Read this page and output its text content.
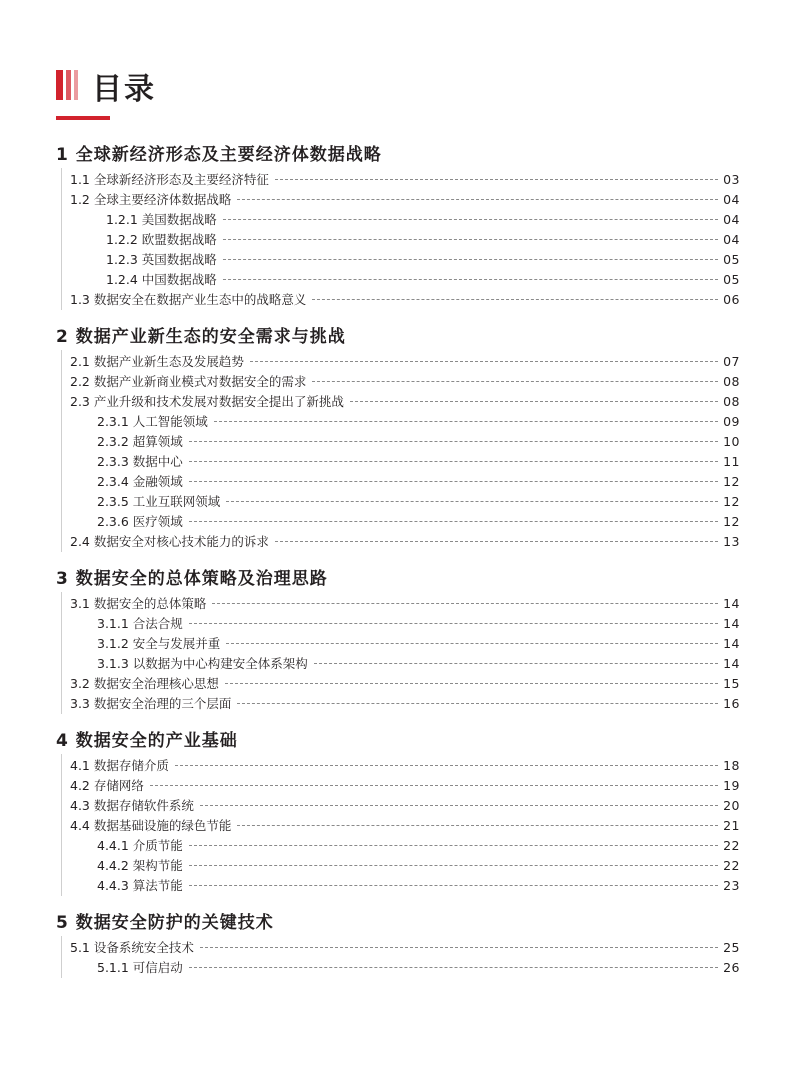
目录
1 全球新经济形态及主要经济体数据战略
1.1 全球新经济形态及主要经济特征	03
1.2 全球主要经济体数据战略	04
1.2.1 美国数据战略	04
1.2.2 欧盟数据战略	04
1.2.3 英国数据战略	05
1.2.4 中国数据战略	05
1.3 数据安全在数据产业生态中的战略意义	06
2 数据产业新生态的安全需求与挑战
2.1 数据产业新生态及发展趋势	07
2.2 数据产业新商业模式对数据安全的需求	08
2.3 产业升级和技术发展对数据安全提出了新挑战	08
2.3.1 人工智能领域	09
2.3.2 超算领域	10
2.3.3 数据中心	11
2.3.4 金融领域	12
2.3.5 工业互联网领域	12
2.3.6 医疗领域	12
2.4 数据安全对核心技术能力的诉求	13
3 数据安全的总体策略及治理思路
3.1 数据安全的总体策略	14
3.1.1 合法合规	14
3.1.2 安全与发展并重	14
3.1.3 以数据为中心构建安全体系架构	14
3.2 数据安全治理核心思想	15
3.3 数据安全治理的三个层面	16
4 数据安全的产业基础
4.1 数据存储介质	18
4.2 存储网络	19
4.3 数据存储软件系统	20
4.4 数据基础设施的绿色节能	21
4.4.1 介质节能	22
4.4.2 架构节能	22
4.4.3 算法节能	23
5 数据安全防护的关键技术
5.1 设备系统安全技术	25
5.1.1 可信启动	26
